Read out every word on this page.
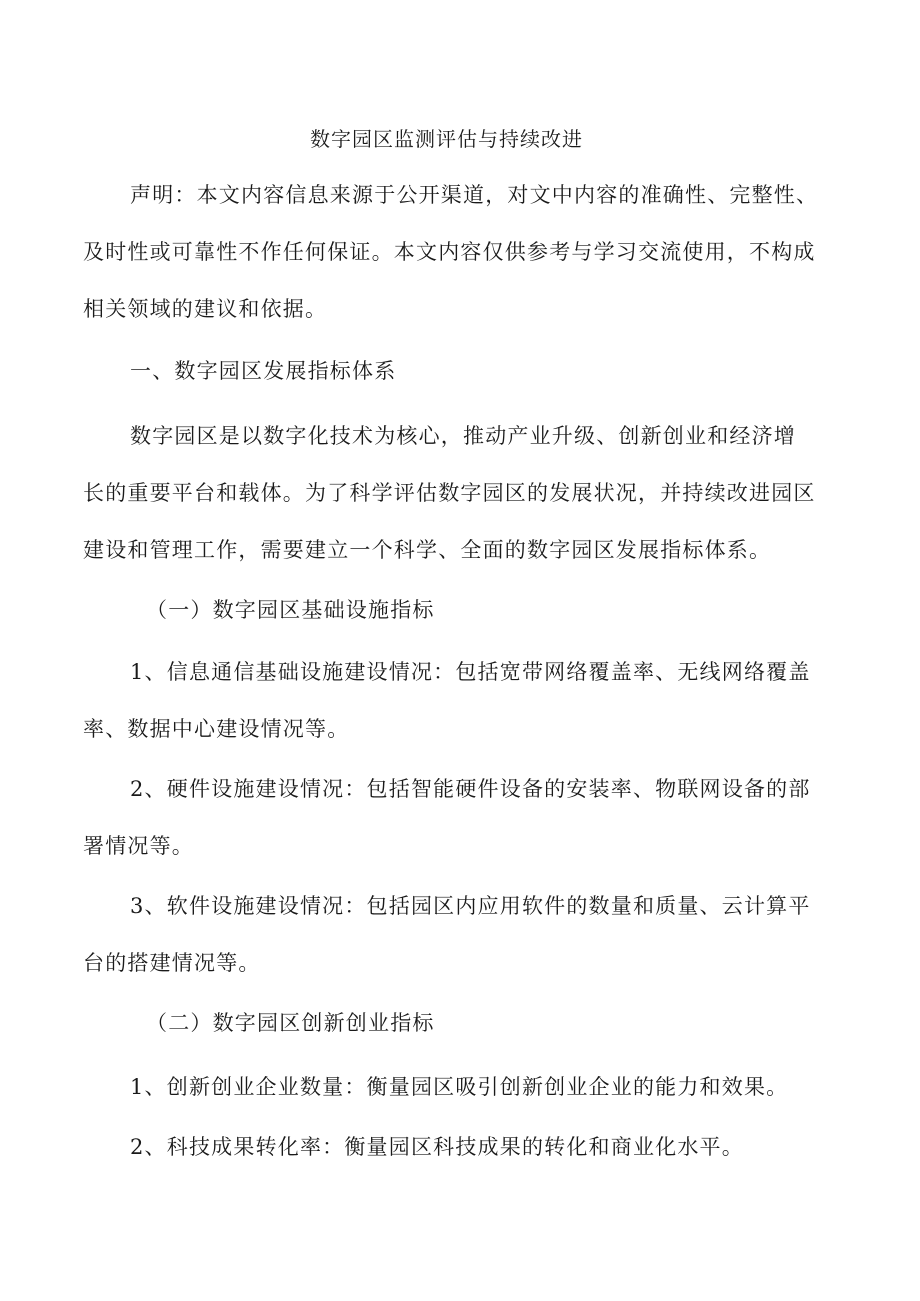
数字园区监测评估与持续改进
声明：本文内容信息来源于公开渠道，对文中内容的准确性、完整性、
及时性或可靠性不作任何保证。本文内容仅供参考与学习交流使用，不构成
相关领域的建议和依据。
一、数字园区发展指标体系
数字园区是以数字化技术为核心，推动产业升级、创新创业和经济增
长的重要平台和载体。为了科学评估数字园区的发展状况，并持续改进园区
建设和管理工作，需要建立一个科学、全面的数字园区发展指标体系。
（一）数字园区基础设施指标
1、信息通信基础设施建设情况：包括宽带网络覆盖率、无线网络覆盖
率、数据中心建设情况等。
2、硬件设施建设情况：包括智能硬件设备的安装率、物联网设备的部
署情况等。
3、软件设施建设情况：包括园区内应用软件的数量和质量、云计算平
台的搭建情况等。
（二）数字园区创新创业指标
1、创新创业企业数量：衡量园区吸引创新创业企业的能力和效果。
2、科技成果转化率：衡量园区科技成果的转化和商业化水平。
